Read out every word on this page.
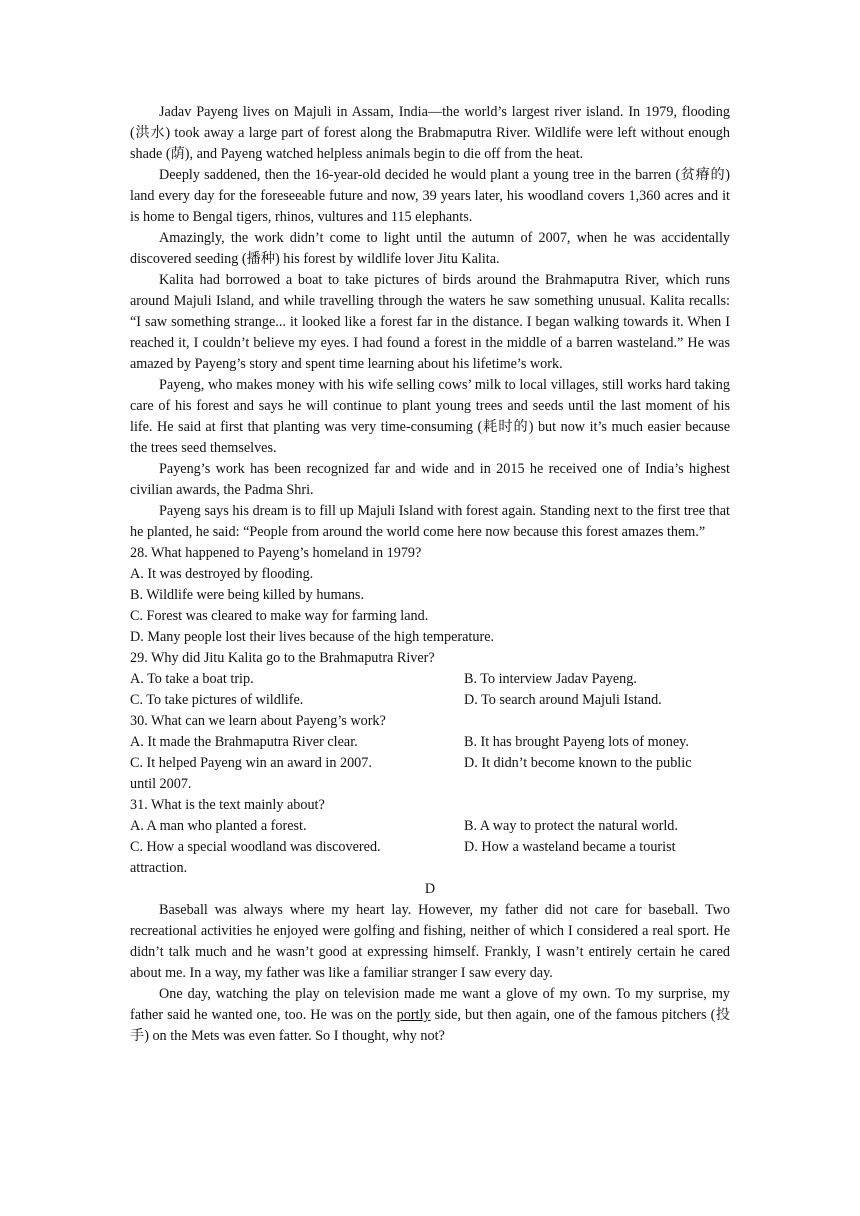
Jadav Payeng lives on Majuli in Assam, India—the world’s largest river island. In 1979, flooding (洪水) took away a large part of forest along the Brabmaputra River. Wildlife were left without enough shade (荫), and Payeng watched helpless animals begin to die off from the heat.

Deeply saddened, then the 16-year-old decided he would plant a young tree in the barren (贫瘠的) land every day for the foreseeable future and now, 39 years later, his woodland covers 1,360 acres and it is home to Bengal tigers, rhinos, vultures and 115 elephants.

Amazingly, the work didn’t come to light until the autumn of 2007, when he was accidentally discovered seeding (播种) his forest by wildlife lover Jitu Kalita.

Kalita had borrowed a boat to take pictures of birds around the Brahmaputra River, which runs around Majuli Island, and while travelling through the waters he saw something unusual. Kalita recalls: “I saw something strange... it looked like a forest far in the distance. I began walking towards it. When I reached it, I couldn’t believe my eyes. I had found a forest in the middle of a barren wasteland.” He was amazed by Payeng’s story and spent time learning about his lifetime’s work.

Payeng, who makes money with his wife selling cows’ milk to local villages, still works hard taking care of his forest and says he will continue to plant young trees and seeds until the last moment of his life. He said at first that planting was very time-consuming (耗时的) but now it’s much easier because the trees seed themselves.

Payeng’s work has been recognized far and wide and in 2015 he received one of India’s highest civilian awards, the Padma Shri.

Payeng says his dream is to fill up Majuli Island with forest again. Standing next to the first tree that he planted, he said: “People from around the world come here now because this forest amazes them.”

28. What happened to Payeng’s homeland in 1979?

A. It was destroyed by flooding.

B. Wildlife were being killed by humans.

C. Forest was cleared to make way for farming land.

D. Many people lost their lives because of the high temperature.

29. Why did Jitu Kalita go to the Brahmaputra River?

A. To take a boat trip.	B. To interview Jadav Payeng.
C. To take pictures of wildlife.	D. To search around Majuli Istand.

30. What can we learn about Payeng’s work?

A. It made the Brahmaputra River clear.	B. It has brought Payeng lots of money.
C. It helped Payeng win an award in 2007.	D. It didn’t become known to the public

until 2007.

31. What is the text mainly about?

A. A man who planted a forest.	B. A way to protect the natural world.
C. How a special woodland was discovered.	D. How a wasteland became a tourist

attraction.

D

Baseball was always where my heart lay. However, my father did not care for baseball. Two recreational activities he enjoyed were golfing and fishing, neither of which I considered a real sport. He didn’t talk much and he wasn’t good at expressing himself. Frankly, I wasn’t entirely certain he cared about me. In a way, my father was like a familiar stranger I saw every day.

One day, watching the play on television made me want a glove of my own. To my surprise, my father said he wanted one, too. He was on the portly side, but then again, one of the famous pitchers (投手) on the Mets was even fatter. So I thought, why not?
